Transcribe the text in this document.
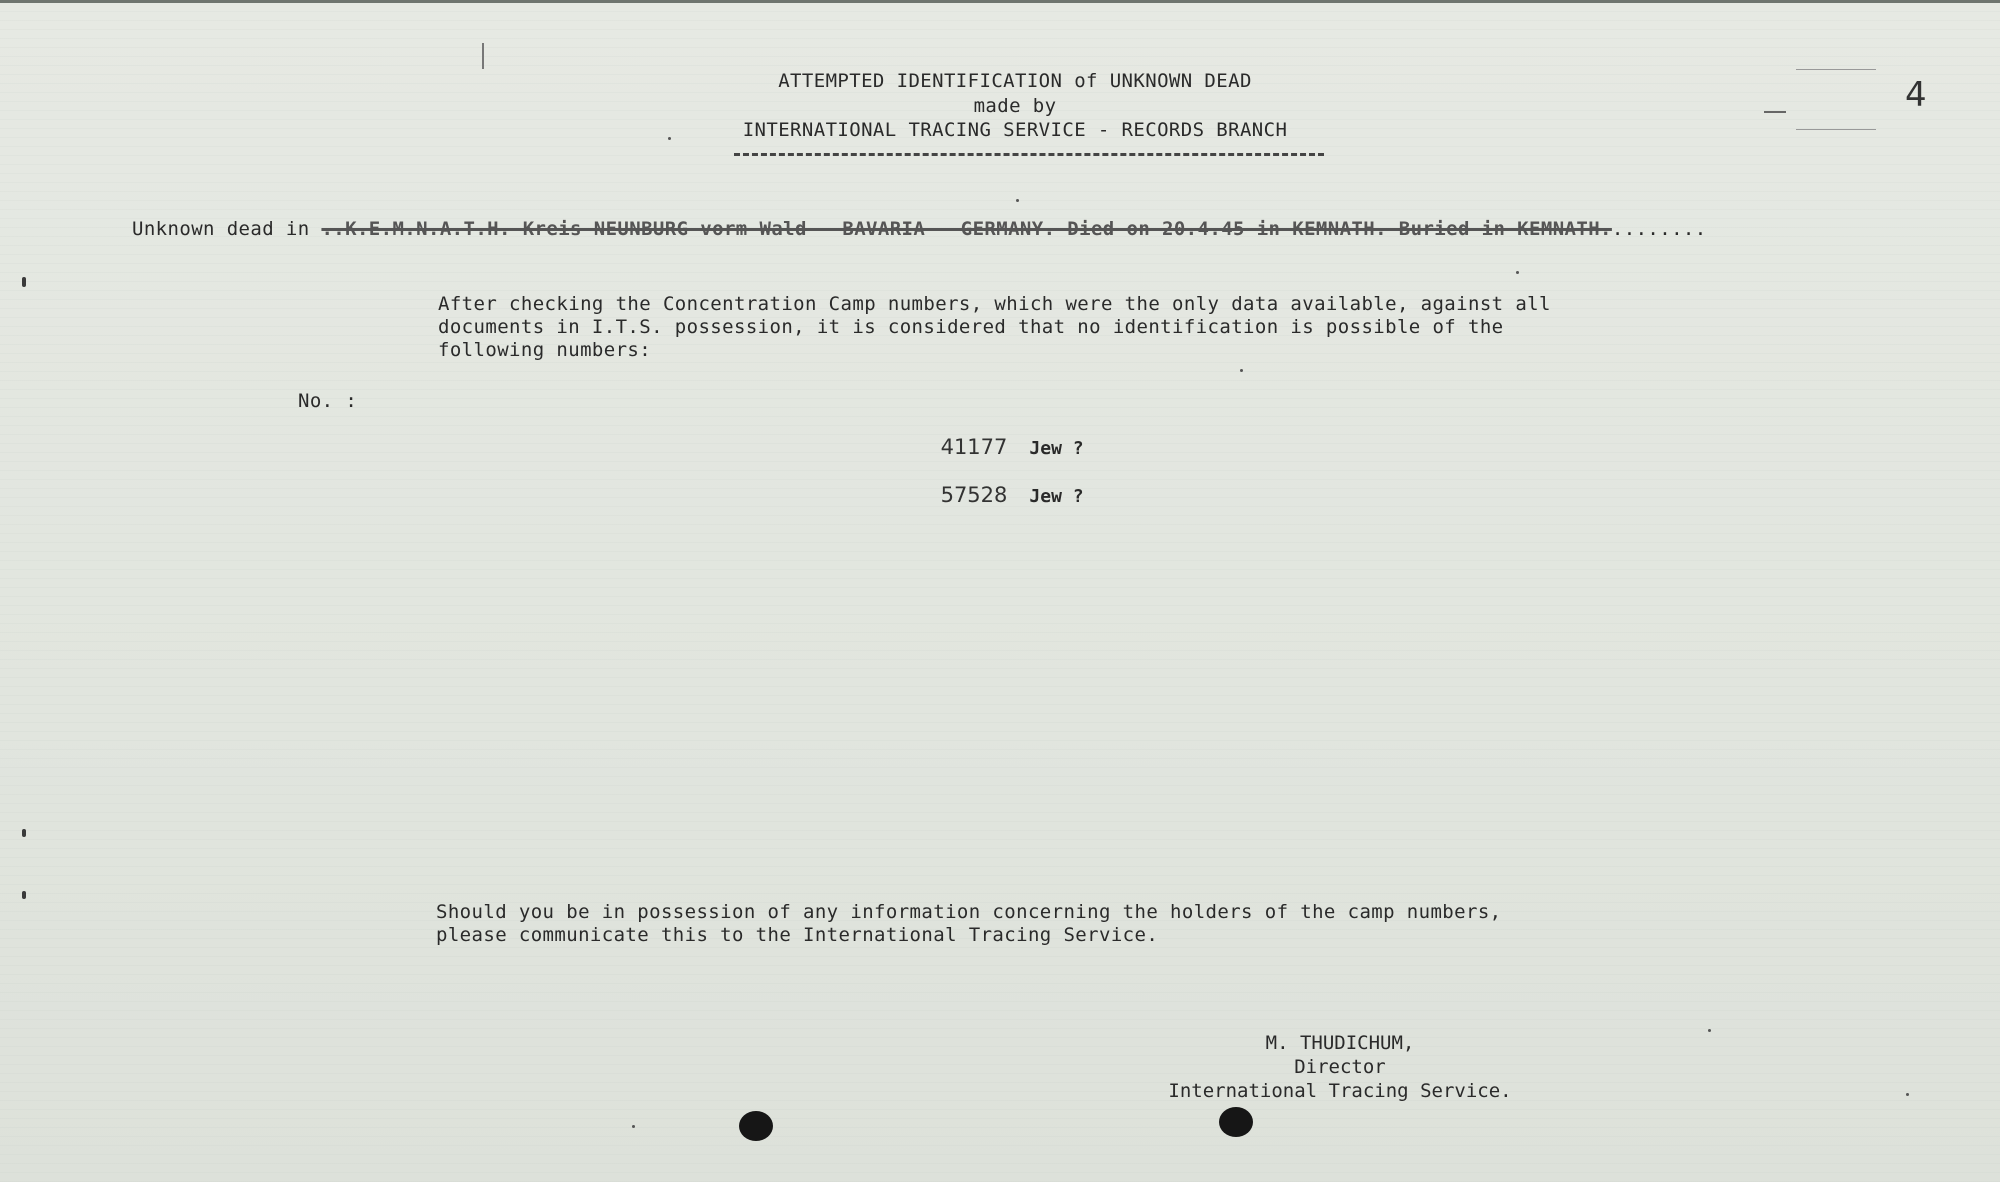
ATTEMPTED IDENTIFICATION of UNKNOWN DEAD
made by
INTERNATIONAL TRACING SERVICE - RECORDS BRANCH
4
Unknown dead in ..K.E.M.N.A.T.H. Kreis NEUNBURG vorm Wald - BAVARIA - GERMANY. Died on 20.4.45 in KEMNATH. Buried in KEMNATH.........
After checking the Concentration Camp numbers, which were the only data available, against all
documents in I.T.S. possession, it is considered that no identification is possible of the
following numbers:
No. :

41177 Jew ?

57528 Jew ?

Should you be in possession of any information concerning the holders of the camp numbers,
please communicate this to the International Tracing Service.
M. THUDICHUM,
Director
International Tracing Service.
